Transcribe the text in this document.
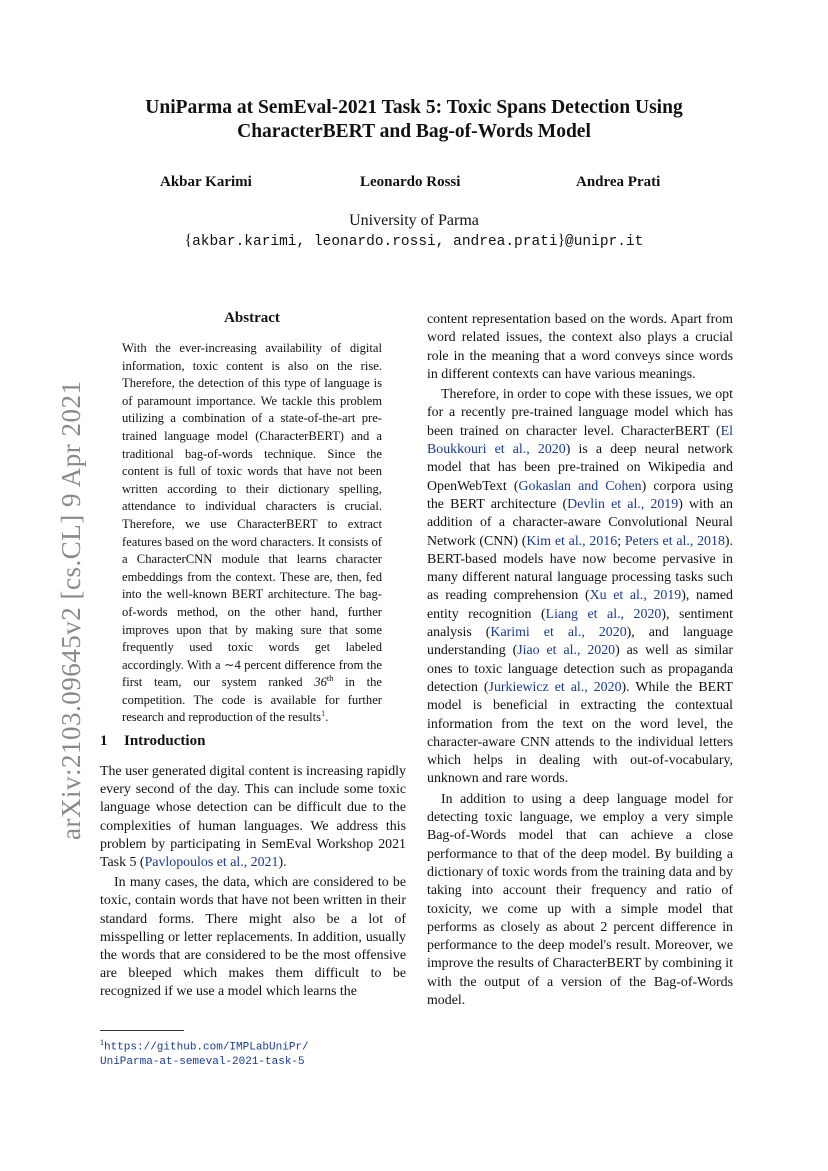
arXiv:2103.09645v2 [cs.CL] 9 Apr 2021
UniParma at SemEval-2021 Task 5: Toxic Spans Detection Using
CharacterBERT and Bag-of-Words Model
Akbar Karimi	Leonardo Rossi	Andrea Prati
University of Parma
{akbar.karimi, leonardo.rossi, andrea.prati}@unipr.it
Abstract

With the ever-increasing availability of digital information, toxic content is also on the rise. Therefore, the detection of this type of language is of paramount importance. We tackle this problem utilizing a combination of a state-of-the-art pre-trained language model (CharacterBERT) and a traditional bag-of-words technique. Since the content is full of toxic words that have not been written according to their dictionary spelling, attendance to individual characters is crucial. Therefore, we use CharacterBERT to extract features based on the word characters. It consists of a CharacterCNN module that learns character embeddings from the context. These are, then, fed into the well-known BERT architecture. The bag-of-words method, on the other hand, further improves upon that by making sure that some frequently used toxic words get labeled accordingly. With a ∼4 percent difference from the first team, our system ranked 36th in the competition. The code is available for further research and reproduction of the results$^1$.

1 Introduction

The user generated digital content is increasing rapidly every second of the day. This can include some toxic language whose detection can be difficult due to the complexities of human languages. We address this problem by participating in SemEval Workshop 2021 Task 5 (Pavlopoulos et al., 2021).

In many cases, the data, which are considered to be toxic, contain words that have not been written in their standard forms. There might also be a lot of misspelling or letter replacements. In addition, usually the words that are considered to be the most offensive are bleeped which makes them difficult to be recognized if we use a model which learns the

content representation based on the words. Apart from word related issues, the context also plays a crucial role in the meaning that a word conveys since words in different contexts can have various meanings.

Therefore, in order to cope with these issues, we opt for a recently pre-trained language model which has been trained on character level. CharacterBERT (El Boukkouri et al., 2020) is a deep neural network model that has been pre-trained on Wikipedia and OpenWebText (Gokaslan and Cohen) corpora using the BERT architecture (Devlin et al., 2019) with an addition of a character-aware Convolutional Neural Network (CNN) (Kim et al., 2016; Peters et al., 2018). BERT-based models have now become pervasive in many different natural language processing tasks such as reading comprehension (Xu et al., 2019), named entity recognition (Liang et al., 2020), sentiment analysis (Karimi et al., 2020), and language understanding (Jiao et al., 2020) as well as similar ones to toxic language detection such as propaganda detection (Jurkiewicz et al., 2020). While the BERT model is beneficial in extracting the contextual information from the text on the word level, the character-aware CNN attends to the individual letters which helps in dealing with out-of-vocabulary, unknown and rare words.

In addition to using a deep language model for detecting toxic language, we employ a very simple Bag-of-Words model that can achieve a close performance to that of the deep model. By building a dictionary of toxic words from the training data and by taking into account their frequency and ratio of toxicity, we come up with a simple model that performs as closely as about 2 percent difference in performance to the deep model's result. Moreover, we improve the results of CharacterBERT by combining it with the output of a version of the Bag-of-Words model.

$^1$https://github.com/IMPLabUniPr/
UniParma-at-semeval-2021-task-5
